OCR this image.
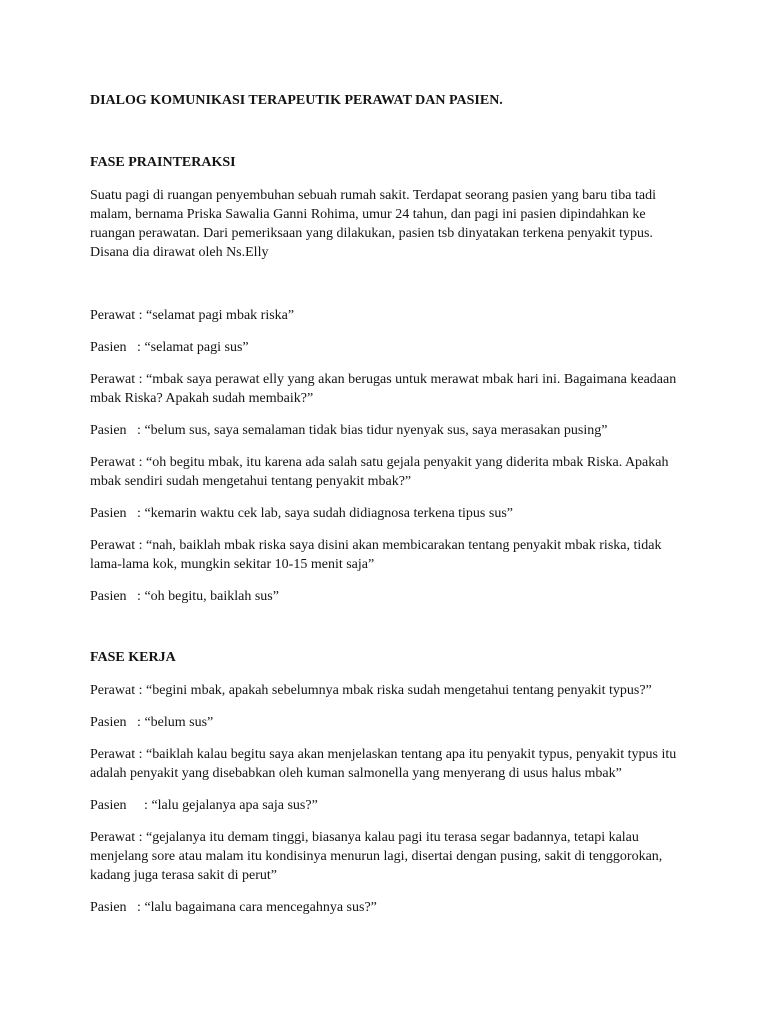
DIALOG KOMUNIKASI TERAPEUTIK PERAWAT DAN PASIEN.
FASE PRAINTERAKSI
Suatu pagi di ruangan penyembuhan sebuah rumah sakit. Terdapat seorang pasien yang baru tiba tadi
malam, bernama Priska Sawalia Ganni Rohima, umur 24 tahun, dan pagi ini pasien dipindahkan ke
ruangan perawatan. Dari pemeriksaan yang dilakukan, pasien tsb dinyatakan terkena penyakit typus.
Disana dia dirawat oleh Ns.Elly
Perawat : “selamat pagi mbak riska”
Pasien   : “selamat pagi sus”
Perawat : “mbak saya perawat elly yang akan berugas untuk merawat mbak hari ini. Bagaimana keadaan
mbak Riska? Apakah sudah membaik?”
Pasien   : “belum sus, saya semalaman tidak bias tidur nyenyak sus, saya merasakan pusing”
Perawat : “oh begitu mbak, itu karena ada salah satu gejala penyakit yang diderita mbak Riska. Apakah
mbak sendiri sudah mengetahui tentang penyakit mbak?”
Pasien   : “kemarin waktu cek lab, saya sudah didiagnosa terkena tipus sus”
Perawat : “nah, baiklah mbak riska saya disini akan membicarakan tentang penyakit mbak riska, tidak
lama-lama kok, mungkin sekitar 10-15 menit saja”
Pasien   : “oh begitu, baiklah sus”
FASE KERJA
Perawat : “begini mbak, apakah sebelumnya mbak riska sudah mengetahui tentang penyakit typus?”
Pasien   : “belum sus”
Perawat : “baiklah kalau begitu saya akan menjelaskan tentang apa itu penyakit typus, penyakit typus itu
adalah penyakit yang disebabkan oleh kuman salmonella yang menyerang di usus halus mbak”
Pasien     : “lalu gejalanya apa saja sus?”
Perawat : “gejalanya itu demam tinggi, biasanya kalau pagi itu terasa segar badannya, tetapi kalau
menjelang sore atau malam itu kondisinya menurun lagi, disertai dengan pusing, sakit di tenggorokan,
kadang juga terasa sakit di perut”
Pasien   : “lalu bagaimana cara mencegahnya sus?”
